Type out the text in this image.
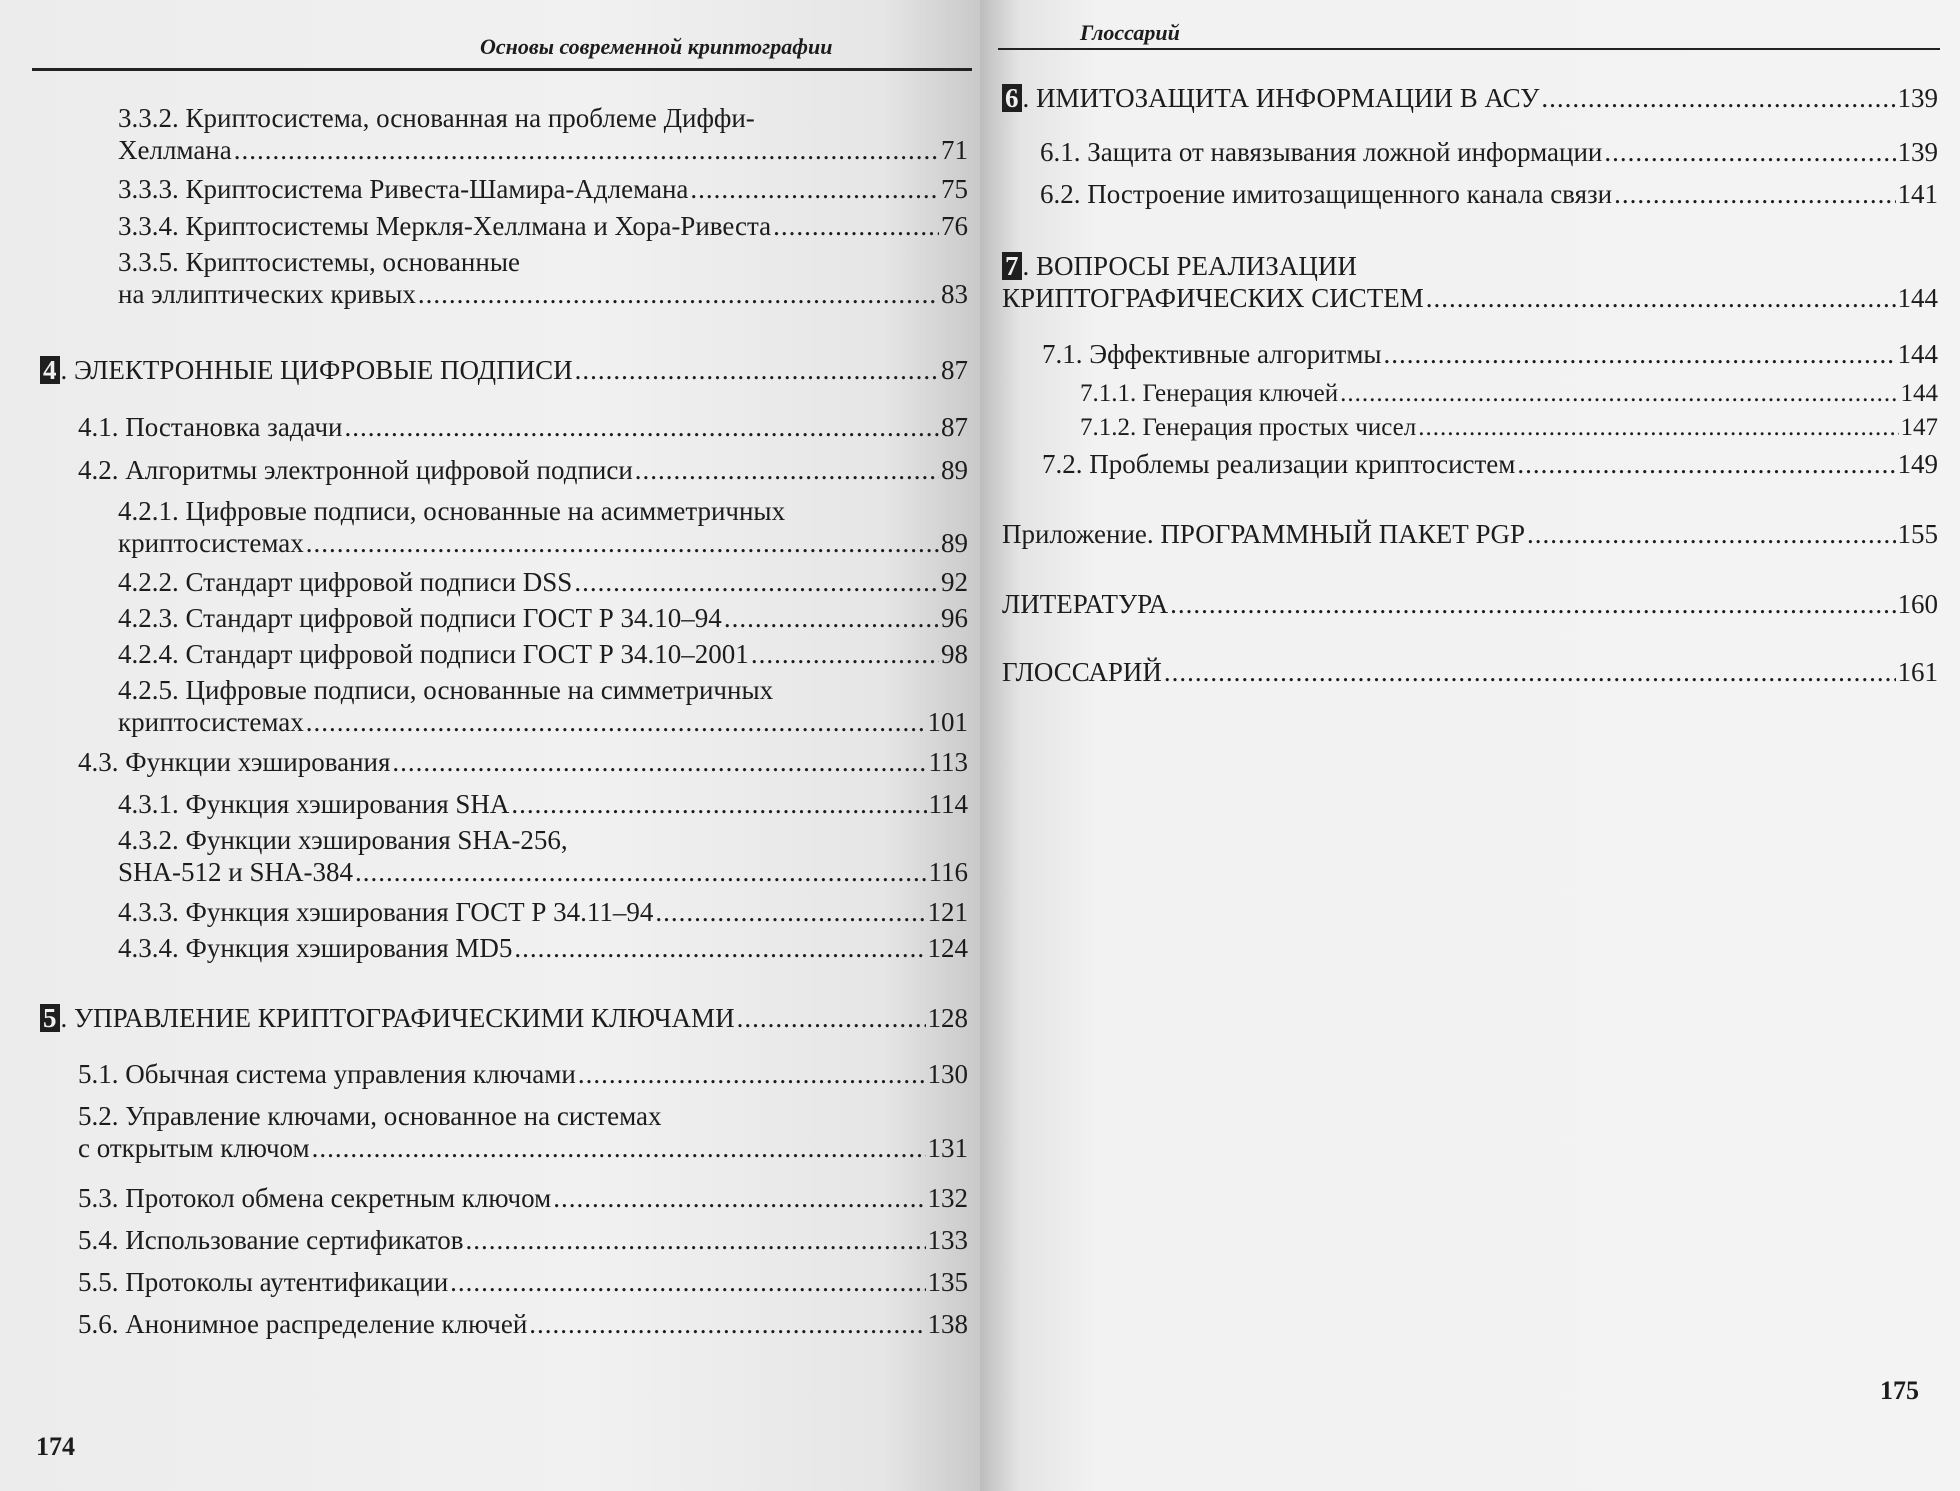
Основы современной криптографии
3.3.2. Криптосистема, основанная на проблеме Диффи-
Хеллмана .....	71
3.3.3. Криптосистема Ривеста-Шамира-Адлемана .....	75
3.3.4. Криптосистемы Меркля-Хеллмана и Хора-Ривеста .....	76
3.3.5. Криптосистемы, основанные
на эллиптических кривых .....	83
4 . ЭЛЕКТРОННЫЕ ЦИФРОВЫЕ ПОДПИСИ .....	87
4.1. Постановка задачи .....	87
4.2. Алгоритмы электронной цифровой подписи .....	89
4.2.1. Цифровые подписи, основанные на асимметричных
криптосистемах .....	89
4.2.2. Стандарт цифровой подписи DSS .....	92
4.2.3. Стандарт цифровой подписи ГОСТ Р 34.10–94 .....	96
4.2.4. Стандарт цифровой подписи ГОСТ Р 34.10–2001 .....	98
4.2.5. Цифровые подписи, основанные на симметричных
криптосистемах .....	101
4.3. Функции хэширования .....	113
4.3.1. Функция хэширования SHA .....	114
4.3.2. Функции хэширования SHA-256,
SHA-512 и SHA-384 .....	116
4.3.3. Функция хэширования ГОСТ Р 34.11–94 .....	121
4.3.4. Функция хэширования MD5 .....	124
5 . УПРАВЛЕНИЕ КРИПТОГРАФИЧЕСКИМИ КЛЮЧАМИ .....	128
5.1. Обычная система управления ключами .....	130
5.2. Управление ключами, основанное на системах
с открытым ключом .....	131
5.3. Протокол обмена секретным ключом .....	132
5.4. Использование сертификатов .....	133
5.5. Протоколы аутентификации .....	135
5.6. Анонимное распределение ключей .....	138
174
Глоссарий
6 . ИМИТОЗАЩИТА ИНФОРМАЦИИ В АСУ .....	139
6.1. Защита от навязывания ложной информации .....	139
6.2. Построение имитозащищенного канала связи .....	141
7 . ВОПРОСЫ РЕАЛИЗАЦИИ
КРИПТОГРАФИЧЕСКИХ СИСТЕМ .....	144
7.1. Эффективные алгоритмы .....	144
7.1.1. Генерация ключей .....	144
7.1.2. Генерация простых чисел .....	147
7.2. Проблемы реализации криптосистем .....	149
Приложение. ПРОГРАММНЫЙ ПАКЕТ PGP .....	155
ЛИТЕРАТУРА .....	160
ГЛОССАРИЙ .....	161
175
